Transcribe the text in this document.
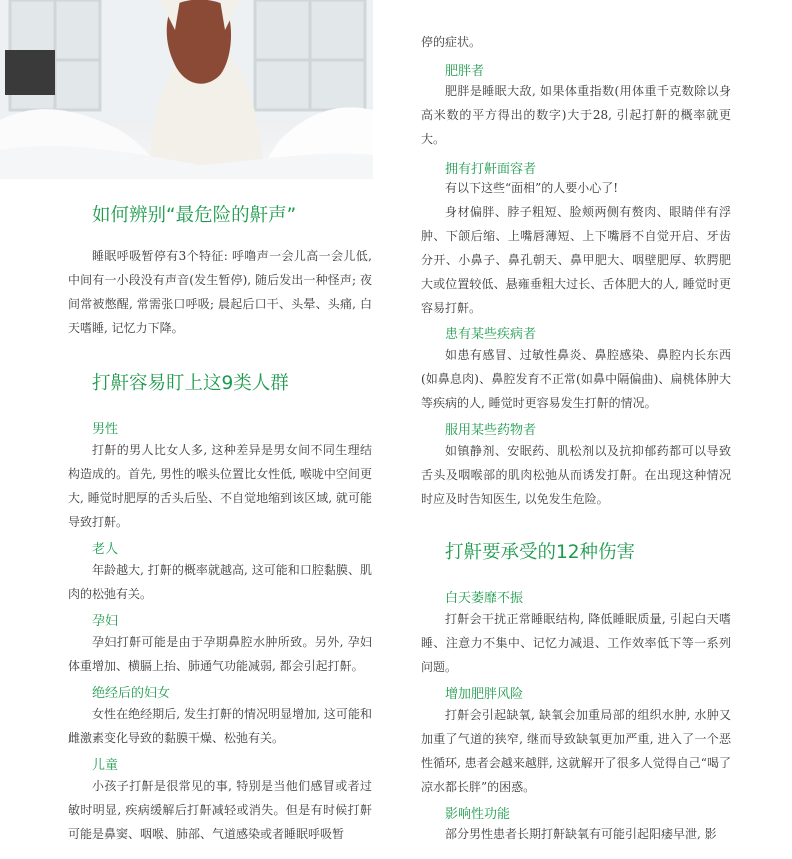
如何辨别“最危险的鼾声”

睡眠呼吸暂停有3个特征: 呼噜声一会儿高一会儿低, 中间有一小段没有声音(发生暂停), 随后发出一种怪声; 夜间常被憋醒, 常需张口呼吸; 晨起后口干、头晕、头痛, 白天嗜睡, 记忆力下降。

打鼾容易盯上这9类人群
男性

打鼾的男人比女人多, 这种差异是男女间不同生理结构造成的。首先, 男性的喉头位置比女性低, 喉咙中空间更大, 睡觉时肥厚的舌头后坠、不自觉地缩到该区域, 就可能导致打鼾。

老人

年龄越大, 打鼾的概率就越高, 这可能和口腔黏膜、肌肉的松弛有关。

孕妇

孕妇打鼾可能是由于孕期鼻腔水肿所致。另外, 孕妇体重增加、横膈上抬、肺通气功能减弱, 都会引起打鼾。

绝经后的妇女

女性在绝经期后, 发生打鼾的情况明显增加, 这可能和雌激素变化导致的黏膜干燥、松弛有关。

儿童

小孩子打鼾是很常见的事, 特别是当他们感冒或者过敏时明显, 疾病缓解后打鼾减轻或消失。但是有时候打鼾可能是鼻窦、咽喉、肺部、气道感染或者睡眠呼吸暂

停的症状。

肥胖者

肥胖是睡眠大敌, 如果体重指数(用体重千克数除以身高米数的平方得出的数字)大于28, 引起打鼾的概率就更大。

拥有打鼾面容者

有以下这些“面相”的人要小心了!

身材偏胖、脖子粗短、脸颊两侧有赘肉、眼睛伴有浮肿、下颌后缩、上嘴唇薄短、上下嘴唇不自觉开启、牙齿分开、小鼻子、鼻孔朝天、鼻甲肥大、咽壁肥厚、软腭肥大或位置较低、悬雍垂粗大过长、舌体肥大的人, 睡觉时更容易打鼾。

患有某些疾病者

如患有感冒、过敏性鼻炎、鼻腔感染、鼻腔内长东西(如鼻息肉)、鼻腔发育不正常(如鼻中隔偏曲)、扁桃体肿大等疾病的人, 睡觉时更容易发生打鼾的情况。

服用某些药物者

如镇静剂、安眠药、肌松剂以及抗抑郁药都可以导致舌头及咽喉部的肌肉松弛从而诱发打鼾。在出现这种情况时应及时告知医生, 以免发生危险。

打鼾要承受的12种伤害
白天萎靡不振

打鼾会干扰正常睡眠结构, 降低睡眠质量, 引起白天嗜睡、注意力不集中、记忆力减退、工作效率低下等一系列问题。

增加肥胖风险

打鼾会引起缺氧, 缺氧会加重局部的组织水肿, 水肿又加重了气道的狭窄, 继而导致缺氧更加严重, 进入了一个恶性循环, 患者会越来越胖, 这就解开了很多人觉得自己“喝了凉水都长胖”的困惑。

影响性功能

部分男性患者长期打鼾缺氧有可能引起阳痿早泄, 影
